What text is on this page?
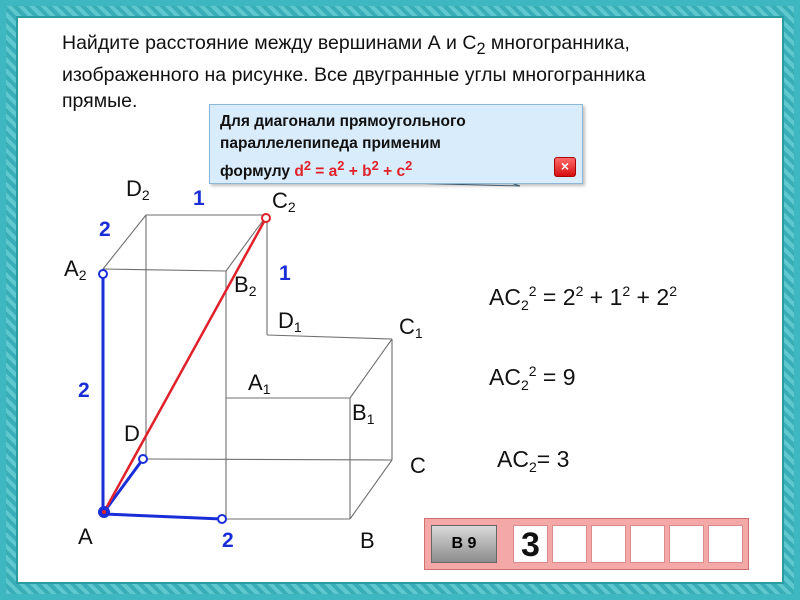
Найдите расстояние между вершинами А и $С_2$ многогранника,
изображенного на рисунке. Все двугранные углы многогранника
прямые.
Для диагонали прямоугольного
параллелепипеда применим
формулу $d^2 = a^2 + b^2 + c^2$	×
$D_2$	$C_2$
$A_2$	$B_2$
$D_1$	$C_1$
$A_1$
$B_1$
D
C
A	B
1
2
1
2
2
$AC_2^2 = 2^2 + 1^2 + 2^2$
$AC_2^2 = 9$
$AC_2= 3$
В 9	3
